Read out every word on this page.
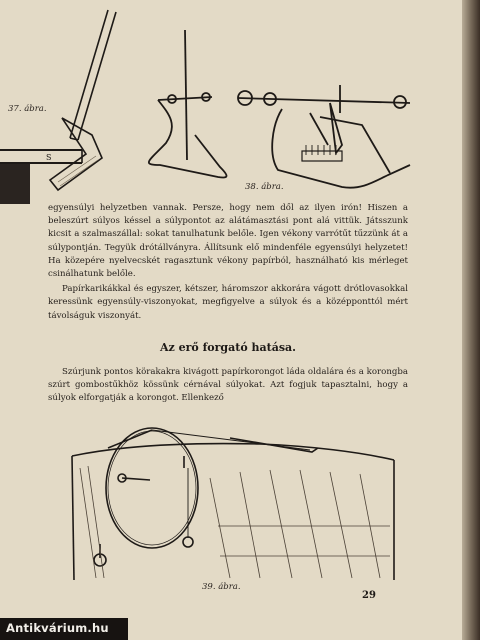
S
37. ábra.
38. ábra.

egyensúlyi helyzetben vannak. Persze, hogy nem dől az ilyen irón! Hiszen a beleszúrt súlyos késsel a súlypontot az alátámasztási pont alá vittük. Játsszunk kicsit a szalmaszállal: sokat tanulhatunk belőle. Igen vékony varrótűt tűzzünk át a súlypontján. Tegyük drótállványra. Állítsunk elő mindenféle egyensúlyi helyzetet! Ha közepére nyelvecskét ragasztunk vékony papírból, használható kis mérleget csinálhatunk belőle.

Papírkarikákkal és egyszer, kétszer, háromszor akkorára vágott drótlovasokkal keressünk egyensúly-viszonyokat, megfigyelve a súlyok és a középponttól mért távolságuk viszonyát.

Az erő forgató hatása.

Szúrjunk pontos körakakra kivágott papírkorongot láda oldalára és a korongba szúrt gombostűkhöz kössünk cérnával súlyokat. Azt fogjuk tapasztalni, hogy a súlyok elforgatják a korongot. Ellenkező

39. ábra.
29
Antikvárium.hu
